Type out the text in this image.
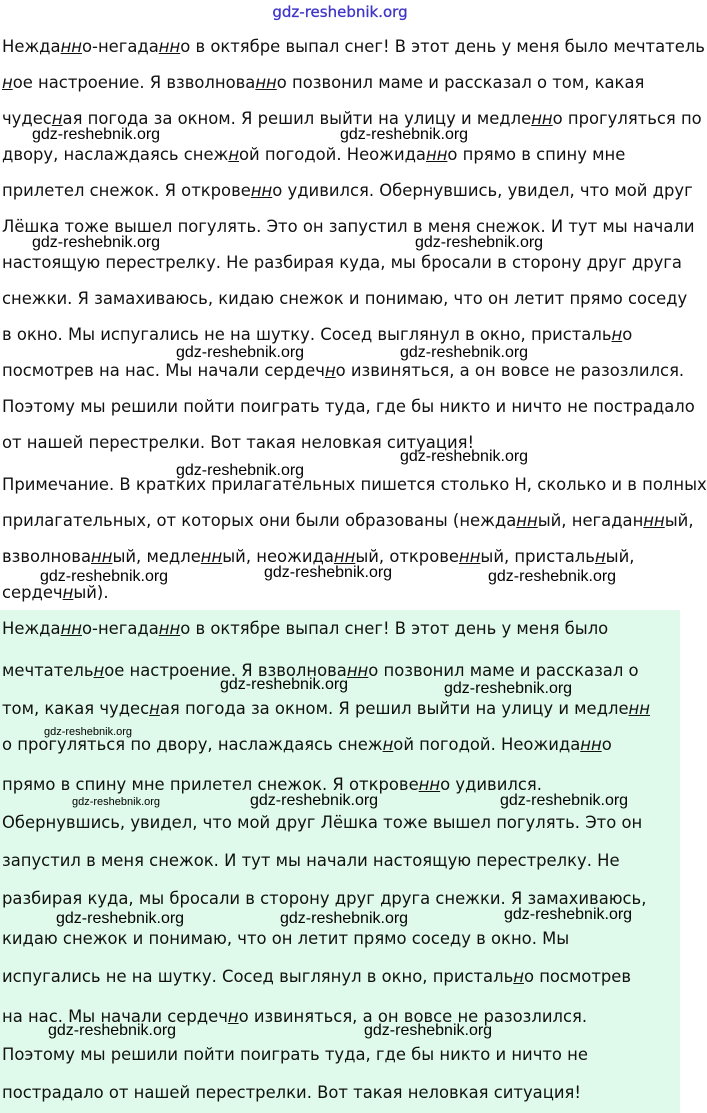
gdz-reshebnik.org
Нежданно-негаданно в октябре выпал снег! В этот день у меня было мечтатель
ное настроение. Я взволнованно позвонил маме и рассказал о том, какая
чудесная погода за окном. Я решил выйти на улицу и медленно прогуляться по
двору, наслаждаясь снежной погодой. Неожиданно прямо в спину мне
прилетел снежок. Я откровенно удивился. Обернувшись, увидел, что мой друг
Лёшка тоже вышел погулять. Это он запустил в меня снежок. И тут мы начали
настоящую перестрелку. Не разбирая куда, мы бросали в сторону друг друга
снежки. Я замахиваюсь, кидаю снежок и понимаю, что он летит прямо соседу
в окно. Мы испугались не на шутку. Сосед выглянул в окно, пристально
посмотрев на нас. Мы начали сердечно извиняться, а он вовсе не разозлился.
Поэтому мы решили пойти поиграть туда, где бы никто и ничто не пострадало
от нашей перестрелки. Вот такая неловкая ситуация!
Примечание. В кратких прилагательных пишется столько Н, сколько и в полных
прилагательных, от которых они были образованы (нежданный, негаданнный,
взволнованный, медленный, неожиданный, откровенный, пристальный,
сердечный).
gdz-reshebnik.org	gdz-reshebnik.org
gdz-reshebnik.org	gdz-reshebnik.org
gdz-reshebnik.org	gdz-reshebnik.org
gdz-reshebnik.org
gdz-reshebnik.org
gdz-reshebnik.org	gdz-reshebnik.org	gdz-reshebnik.org
Нежданно-негаданно в октябре выпал снег! В этот день у меня было
мечтательное настроение. Я взволнованно позвонил маме и рассказал о
том, какая чудесная погода за окном. Я решил выйти на улицу и медленн
о прогуляться по двору, наслаждаясь снежной погодой. Неожиданно
прямо в спину мне прилетел снежок. Я откровенно удивился.
Обернувшись, увидел, что мой друг Лёшка тоже вышел погулять. Это он
запустил в меня снежок. И тут мы начали настоящую перестрелку. Не
разбирая куда, мы бросали в сторону друг друга снежки. Я замахиваюсь,
кидаю снежок и понимаю, что он летит прямо соседу в окно. Мы
испугались не на шутку. Сосед выглянул в окно, пристально посмотрев
на нас. Мы начали сердечно извиняться, а он вовсе не разозлился.
Поэтому мы решили пойти поиграть туда, где бы никто и ничто не
пострадало от нашей перестрелки. Вот такая неловкая ситуация!
gdz-reshebnik.org	gdz-reshebnik.org
gdz-reshebnik.org
gdz-reshebnik.org	gdz-reshebnik.org
gdz-reshebnik.org
gdz-reshebnik.org	gdz-reshebnik.org	gdz-reshebnik.org
gdz-reshebnik.org	gdz-reshebnik.org
